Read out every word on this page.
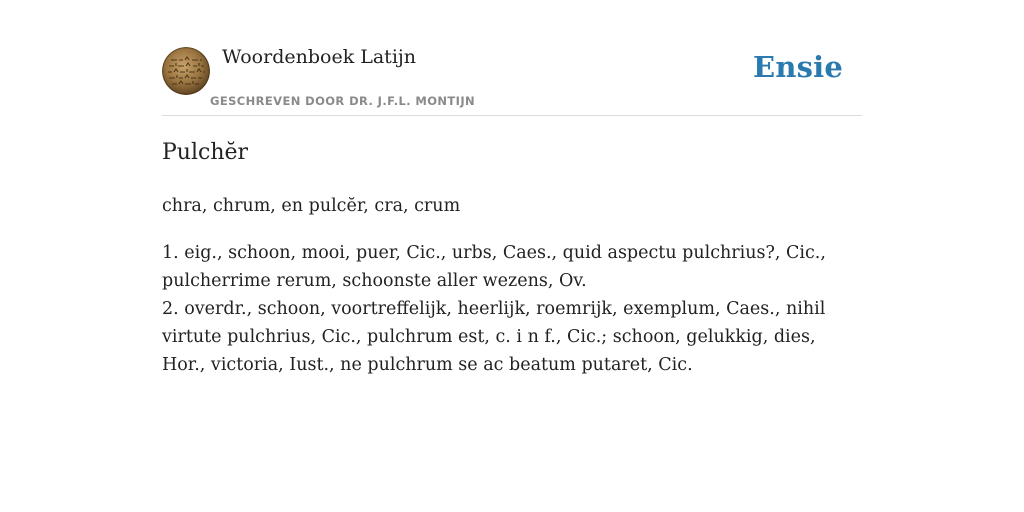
Woordenboek Latijn
GESCHREVEN DOOR DR. J.F.L. MONTIJN
Ensie
Pulchĕr
chra, chrum, en pulcĕr, cra, crum

1. eig., schoon, mooi, puer, Cic., urbs, Caes., quid aspectu pulchrius?, Cic., pulcherrime rerum, schoonste aller wezens, Ov.

2. overdr., schoon, voortreffelijk, heerlijk, roemrijk, exemplum, Caes., nihil virtute pulchrius, Cic., pulchrum est, c. i n f., Cic.; schoon, gelukkig, dies, Hor., victoria, Iust., ne pulchrum se ac beatum putaret, Cic.
